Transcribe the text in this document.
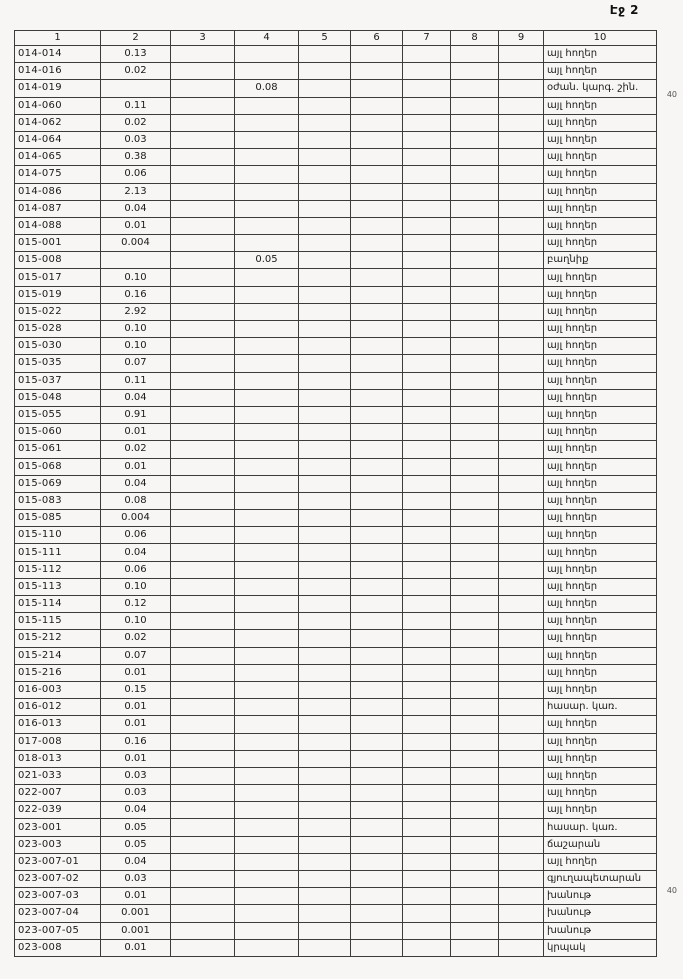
Էջ 2
1	2	3	4	5	6	7	8	9	10
014-014	0.13								այլ հողեր
014-016	0.02								այլ հողեր
014-019			0.08						օժան. կարգ. շին.
014-060	0.11								այլ հողեր
014-062	0.02								այլ հողեր
014-064	0.03								այլ հողեր
014-065	0.38								այլ հողեր
014-075	0.06								այլ հողեր
014-086	2.13								այլ հողեր
014-087	0.04								այլ հողեր
014-088	0.01								այլ հողեր
015-001	0.004								այլ հողեր
015-008			0.05						բաղնիք
015-017	0.10								այլ հողեր
015-019	0.16								այլ հողեր
015-022	2.92								այլ հողեր
015-028	0.10								այլ հողեր
015-030	0.10								այլ հողեր
015-035	0.07								այլ հողեր
015-037	0.11								այլ հողեր
015-048	0.04								այլ հողեր
015-055	0.91								այլ հողեր
015-060	0.01								այլ հողեր
015-061	0.02								այլ հողեր
015-068	0.01								այլ հողեր
015-069	0.04								այլ հողեր
015-083	0.08								այլ հողեր
015-085	0.004								այլ հողեր
015-110	0.06								այլ հողեր
015-111	0.04								այլ հողեր
015-112	0.06								այլ հողեր
015-113	0.10								այլ հողեր
015-114	0.12								այլ հողեր
015-115	0.10								այլ հողեր
015-212	0.02								այլ հողեր
015-214	0.07								այլ հողեր
015-216	0.01								այլ հողեր
016-003	0.15								այլ հողեր
016-012	0.01								հասար. կառ.
016-013	0.01								այլ հողեր
017-008	0.16								այլ հողեր
018-013	0.01								այլ հողեր
021-033	0.03								այլ հողեր
022-007	0.03								այլ հողեր
022-039	0.04								այլ հողեր
023-001	0.05								հասար. կառ.
023-003	0.05								ճաշարան
023-007-01	0.04								այլ հողեր
023-007-02	0.03								գյուղապետարան
023-007-03	0.01								խանութ
023-007-04	0.001								խանութ
023-007-05	0.001								խանութ
023-008	0.01								կրպակ
40
40
